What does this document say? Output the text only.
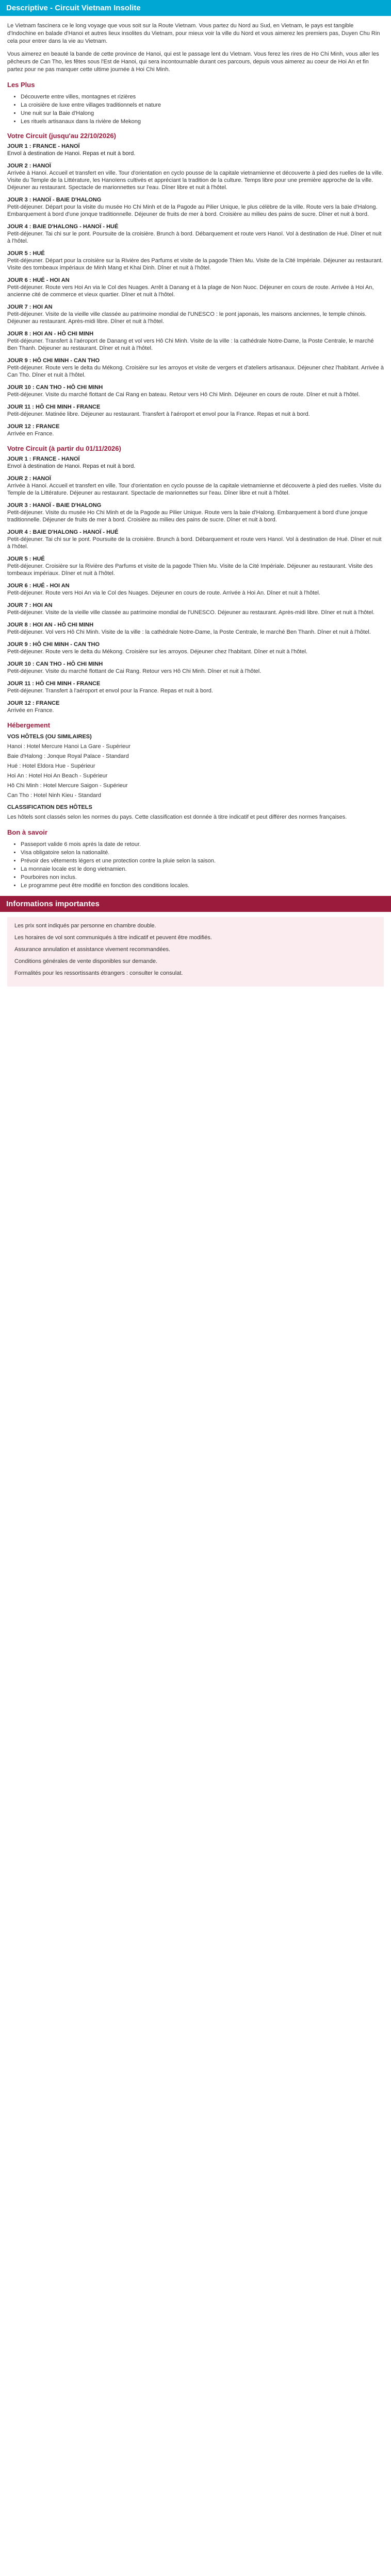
Descriptive - Circuit Vietnam Insolite

Le Vietnam fascinera ce le long voyage que vous soit sur la Route Vietnam. Vous partez du Nord au Sud, en Vietnam, le pays est tangible d'Indochine en balade d'Hanoi et autres lieux insolites du Vietnam, pour mieux voir la ville du Nord et vous aimerez les premiers pas, Duyen Chu Rin cela pour entrer dans la vie au Vietnam.

Vous aimerez en beauté la bande de cette province de Hanoi, qui est le passage lent du Vietnam. Vous ferez les rires de Ho Chi Minh, vous aller les pêcheurs de Can Tho, les fêtes sous l'Est de Hanoi, qui sera incontournable durant ces parcours, depuis vous aimerez au coeur de Hoi An et fin partez pour ne pas manquer cette ultime journée à Hoi Chi Minh.

Les Plus
• Découverte entre villes, montagnes et rizières
• La croisière de luxe entre villages traditionnels et nature
• Une nuit sur la Baie d'Halong
• Les rituels artisanaux dans la rivière de Mekong
Votre Circuit (jusqu'au 22/10/2026)

JOUR 1 : FRANCE - HANOÏ

Envol à destination de Hanoi. Repas et nuit à bord.

JOUR 2 : HANOÏ

Arrivée à Hanoi. Accueil et transfert en ville. Tour d'orientation en cyclo pousse de la capitale vietnamienne et découverte à pied des ruelles de la ville. Visite du Temple de la Littérature, les Hanoïens cultivés et appréciant la tradition de la culture. Temps libre pour une première approche de la ville. Déjeuner au restaurant. Spectacle de marionnettes sur l'eau. Dîner libre et nuit à l'hôtel.

JOUR 3 : HANOÏ - BAIE D'HALONG

Petit-déjeuner. Départ pour la visite du musée Ho Chi Minh et de la Pagode au Pilier Unique, le plus célèbre de la ville. Route vers la baie d'Halong. Embarquement à bord d'une jonque traditionnelle. Déjeuner de fruits de mer à bord. Croisière au milieu des pains de sucre. Dîner et nuit à bord.

JOUR 4 : BAIE D'HALONG - HANOÏ - HUÉ

Petit-déjeuner. Tai chi sur le pont. Poursuite de la croisière. Brunch à bord. Débarquement et route vers Hanoï. Vol à destination de Hué. Dîner et nuit à l'hôtel.

JOUR 5 : HUÉ

Petit-déjeuner. Départ pour la croisière sur la Rivière des Parfums et visite de la pagode Thien Mu. Visite de la Cité Impériale. Déjeuner au restaurant. Visite des tombeaux impériaux de Minh Mang et Khai Dinh. Dîner et nuit à l'hôtel.

JOUR 6 : HUÉ - HOI AN

Petit-déjeuner. Route vers Hoi An via le Col des Nuages. Arrêt à Danang et à la plage de Non Nuoc. Déjeuner en cours de route. Arrivée à Hoi An, ancienne cité de commerce et vieux quartier. Dîner et nuit à l'hôtel.

JOUR 7 : HOI AN

Petit-déjeuner. Visite de la vieille ville classée au patrimoine mondial de l'UNESCO : le pont japonais, les maisons anciennes, le temple chinois. Déjeuner au restaurant. Après-midi libre. Dîner et nuit à l'hôtel.

JOUR 8 : HOI AN - HÔ CHI MINH

Petit-déjeuner. Transfert à l'aéroport de Danang et vol vers Hô Chi Minh. Visite de la ville : la cathédrale Notre-Dame, la Poste Centrale, le marché Ben Thanh. Déjeuner au restaurant. Dîner et nuit à l'hôtel.

JOUR 9 : HÔ CHI MINH - CAN THO

Petit-déjeuner. Route vers le delta du Mékong. Croisière sur les arroyos et visite de vergers et d'ateliers artisanaux. Déjeuner chez l'habitant. Arrivée à Can Tho. Dîner et nuit à l'hôtel.

JOUR 10 : CAN THO - HÔ CHI MINH

Petit-déjeuner. Visite du marché flottant de Cai Rang en bateau. Retour vers Hô Chi Minh. Déjeuner en cours de route. Dîner et nuit à l'hôtel.

JOUR 11 : HÔ CHI MINH - FRANCE

Petit-déjeuner. Matinée libre. Déjeuner au restaurant. Transfert à l'aéroport et envol pour la France. Repas et nuit à bord.

JOUR 12 : FRANCE

Arrivée en France.

Votre Circuit (à partir du 01/11/2026)

JOUR 1 : FRANCE - HANOÏ

Envol à destination de Hanoi. Repas et nuit à bord.

JOUR 2 : HANOÏ

Arrivée à Hanoi. Accueil et transfert en ville. Tour d'orientation en cyclo pousse de la capitale vietnamienne et découverte à pied des ruelles. Visite du Temple de la Littérature. Déjeuner au restaurant. Spectacle de marionnettes sur l'eau. Dîner libre et nuit à l'hôtel.

JOUR 3 : HANOÏ - BAIE D'HALONG

Petit-déjeuner. Visite du musée Ho Chi Minh et de la Pagode au Pilier Unique. Route vers la baie d'Halong. Embarquement à bord d'une jonque traditionnelle. Déjeuner de fruits de mer à bord. Croisière au milieu des pains de sucre. Dîner et nuit à bord.

JOUR 4 : BAIE D'HALONG - HANOÏ - HUÉ

Petit-déjeuner. Tai chi sur le pont. Poursuite de la croisière. Brunch à bord. Débarquement et route vers Hanoï. Vol à destination de Hué. Dîner et nuit à l'hôtel.

JOUR 5 : HUÉ

Petit-déjeuner. Croisière sur la Rivière des Parfums et visite de la pagode Thien Mu. Visite de la Cité Impériale. Déjeuner au restaurant. Visite des tombeaux impériaux. Dîner et nuit à l'hôtel.

JOUR 6 : HUÉ - HOI AN

Petit-déjeuner. Route vers Hoi An via le Col des Nuages. Déjeuner en cours de route. Arrivée à Hoi An. Dîner et nuit à l'hôtel.

JOUR 7 : HOI AN

Petit-déjeuner. Visite de la vieille ville classée au patrimoine mondial de l'UNESCO. Déjeuner au restaurant. Après-midi libre. Dîner et nuit à l'hôtel.

JOUR 8 : HOI AN - HÔ CHI MINH

Petit-déjeuner. Vol vers Hô Chi Minh. Visite de la ville : la cathédrale Notre-Dame, la Poste Centrale, le marché Ben Thanh. Dîner et nuit à l'hôtel.

JOUR 9 : HÔ CHI MINH - CAN THO

Petit-déjeuner. Route vers le delta du Mékong. Croisière sur les arroyos. Déjeuner chez l'habitant. Dîner et nuit à l'hôtel.

JOUR 10 : CAN THO - HÔ CHI MINH

Petit-déjeuner. Visite du marché flottant de Cai Rang. Retour vers Hô Chi Minh. Dîner et nuit à l'hôtel.

JOUR 11 : HÔ CHI MINH - FRANCE

Petit-déjeuner. Transfert à l'aéroport et envol pour la France. Repas et nuit à bord.

JOUR 12 : FRANCE

Arrivée en France.

Hébergement

VOS HÔTELS (OU SIMILAIRES)

Hanoi : Hotel Mercure Hanoi La Gare - Supérieur

Baie d'Halong : Jonque Royal Palace - Standard

Hué : Hotel Eldora Hue - Supérieur

Hoi An : Hotel Hoi An Beach - Supérieur

Hô Chi Minh : Hotel Mercure Saigon - Supérieur

Can Tho : Hotel Ninh Kieu - Standard

CLASSIFICATION DES HÔTELS

Les hôtels sont classés selon les normes du pays. Cette classification est donnée à titre indicatif et peut différer des normes françaises.

Bon à savoir
• Passeport valide 6 mois après la date de retour.
• Visa obligatoire selon la nationalité.
• Prévoir des vêtements légers et une protection contre la pluie selon la saison.
• La monnaie locale est le dong vietnamien.
• Pourboires non inclus.
• Le programme peut être modifié en fonction des conditions locales.
Informations importantes

Les prix sont indiqués par personne en chambre double.

Les horaires de vol sont communiqués à titre indicatif et peuvent être modifiés.

Assurance annulation et assistance vivement recommandées.

Conditions générales de vente disponibles sur demande.

Formalités pour les ressortissants étrangers : consulter le consulat.
